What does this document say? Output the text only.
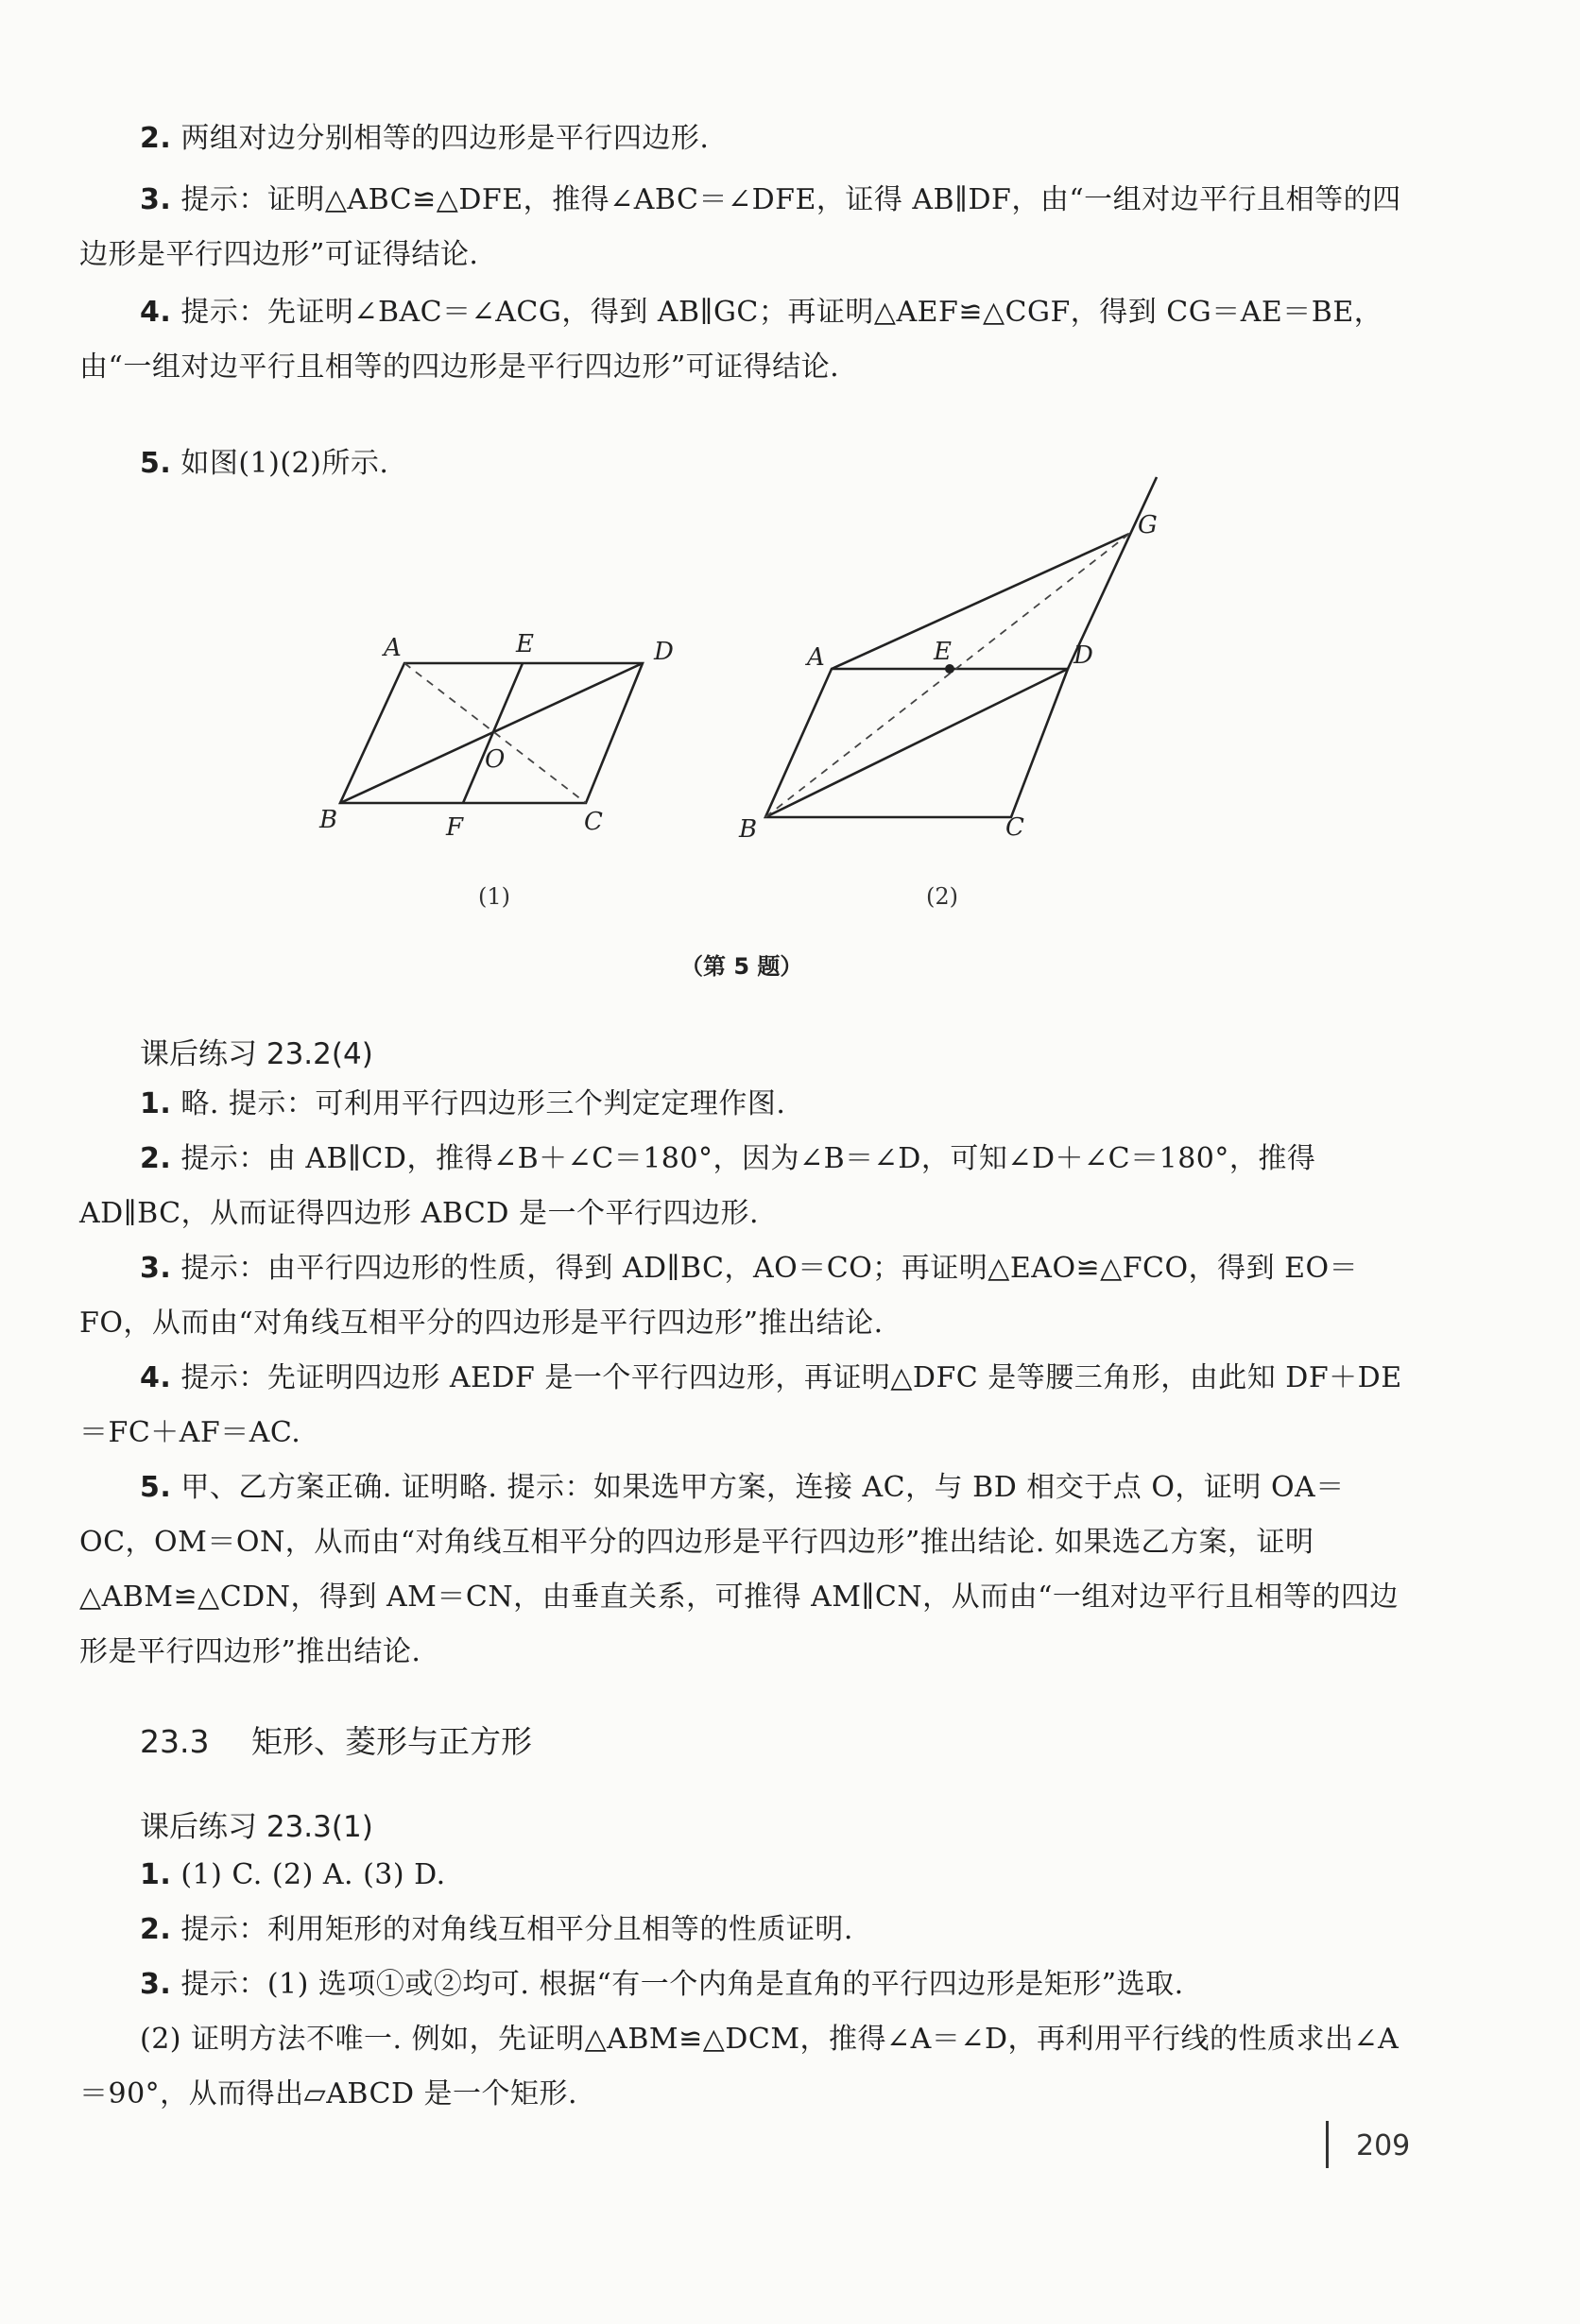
2. 两组对边分别相等的四边形是平行四边形.

3. 提示：证明△ABC≌△DFE，推得∠ABC＝∠DFE，证得 AB∥DF，由“一组对边平行且相等的四边形是平行四边形”可证得结论.

4. 提示：先证明∠BAC＝∠ACG，得到 AB∥GC；再证明△AEF≌△CGF，得到 CG＝AE＝BE，由“一组对边平行且相等的四边形是平行四边形”可证得结论.

5. 如图(1)(2)所示.

A	E	D
O
B	F	C
(1)
A	E	D
G
B	C
(2)
（第 5 题）
课后练习 23.2(4)

1. 略. 提示：可利用平行四边形三个判定定理作图.

2. 提示：由 AB∥CD，推得∠B＋∠C＝180°，因为∠B＝∠D，可知∠D＋∠C＝180°，推得 AD∥BC，从而证得四边形 ABCD 是一个平行四边形.

3. 提示：由平行四边形的性质，得到 AD∥BC，AO＝CO；再证明△EAO≌△FCO，得到 EO＝FO，从而由“对角线互相平分的四边形是平行四边形”推出结论.

4. 提示：先证明四边形 AEDF 是一个平行四边形，再证明△DFC 是等腰三角形，由此知 DF＋DE＝FC＋AF＝AC.

5. 甲、乙方案正确. 证明略. 提示：如果选甲方案，连接 AC，与 BD 相交于点 O，证明 OA＝OC，OM＝ON，从而由“对角线互相平分的四边形是平行四边形”推出结论. 如果选乙方案，证明△ABM≌△CDN，得到 AM＝CN，由垂直关系，可推得 AM∥CN，从而由“一组对边平行且相等的四边形是平行四边形”推出结论.

23.3 矩形、菱形与正方形
课后练习 23.3(1)

1. (1) C. (2) A. (3) D.

2. 提示：利用矩形的对角线互相平分且相等的性质证明.

3. 提示：(1) 选项①或②均可. 根据“有一个内角是直角的平行四边形是矩形”选取.

(2) 证明方法不唯一. 例如，先证明△ABM≌△DCM，推得∠A＝∠D，再利用平行线的性质求出∠A＝90°，从而得出▱ABCD 是一个矩形.

209
